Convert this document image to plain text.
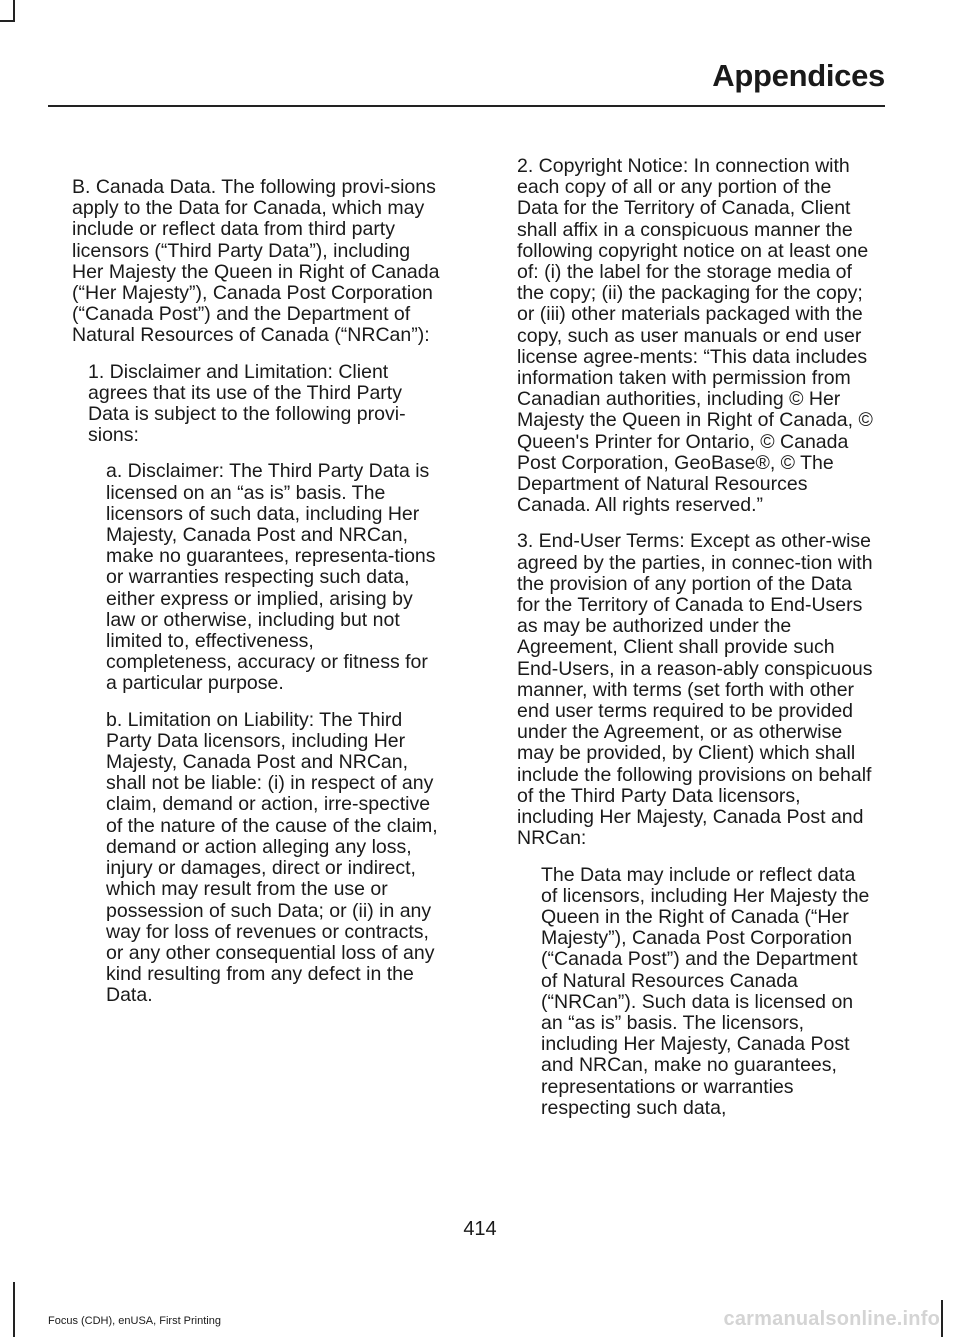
Appendices

B. Canada Data. The following provi-sions apply to the Data for Canada, which may include or reflect data from third party licensors (“Third Party Data”), including Her Majesty the Queen in Right of Canada (“Her Majesty”), Canada Post Corporation (“Canada Post”) and the Department of Natural Resources of Canada (“NRCan”):

1. Disclaimer and Limitation: Client agrees that its use of the Third Party Data is subject to the following provi-sions:

a. Disclaimer: The Third Party Data is licensed on an “as is” basis. The licensors of such data, including Her Majesty, Canada Post and NRCan, make no guarantees, representa-tions or warranties respecting such data, either express or implied, arising by law or otherwise, including but not limited to, effectiveness, completeness, accuracy or fitness for a particular purpose.

b. Limitation on Liability: The Third Party Data licensors, including Her Majesty, Canada Post and NRCan, shall not be liable: (i) in respect of any claim, demand or action, irre-spective of the nature of the cause of the claim, demand or action alleging any loss, injury or damages, direct or indirect, which may result from the use or possession of such Data; or (ii) in any way for loss of revenues or contracts, or any other consequential loss of any kind resulting from any defect in the Data.

2. Copyright Notice: In connection with each copy of all or any portion of the Data for the Territory of Canada, Client shall affix in a conspicuous manner the following copyright notice on at least one of: (i) the label for the storage media of the copy; (ii) the packaging for the copy; or (iii) other materials packaged with the copy, such as user manuals or end user license agree-ments: “This data includes information taken with permission from Canadian authorities, including © Her Majesty the Queen in Right of Canada, © Queen's Printer for Ontario, © Canada Post Corporation, GeoBase®, © The Department of Natural Resources Canada. All rights reserved.”

3. End-User Terms: Except as other-wise agreed by the parties, in connec-tion with the provision of any portion of the Data for the Territory of Canada to End-Users as may be authorized under the Agreement, Client shall provide such End-Users, in a reason-ably conspicuous manner, with terms (set forth with other end user terms required to be provided under the Agreement, or as otherwise may be provided, by Client) which shall include the following provisions on behalf of the Third Party Data licensors, including Her Majesty, Canada Post and NRCan:

The Data may include or reflect data of licensors, including Her Majesty the Queen in the Right of Canada (“Her Majesty”), Canada Post Corporation (“Canada Post”) and the Department of Natural Resources Canada (“NRCan”). Such data is licensed on an “as is” basis. The licensors, including Her Majesty, Canada Post and NRCan, make no guarantees, representations or warranties respecting such data,

414
Focus (CDH), enUSA, First Printing	carmanualsonline.info
